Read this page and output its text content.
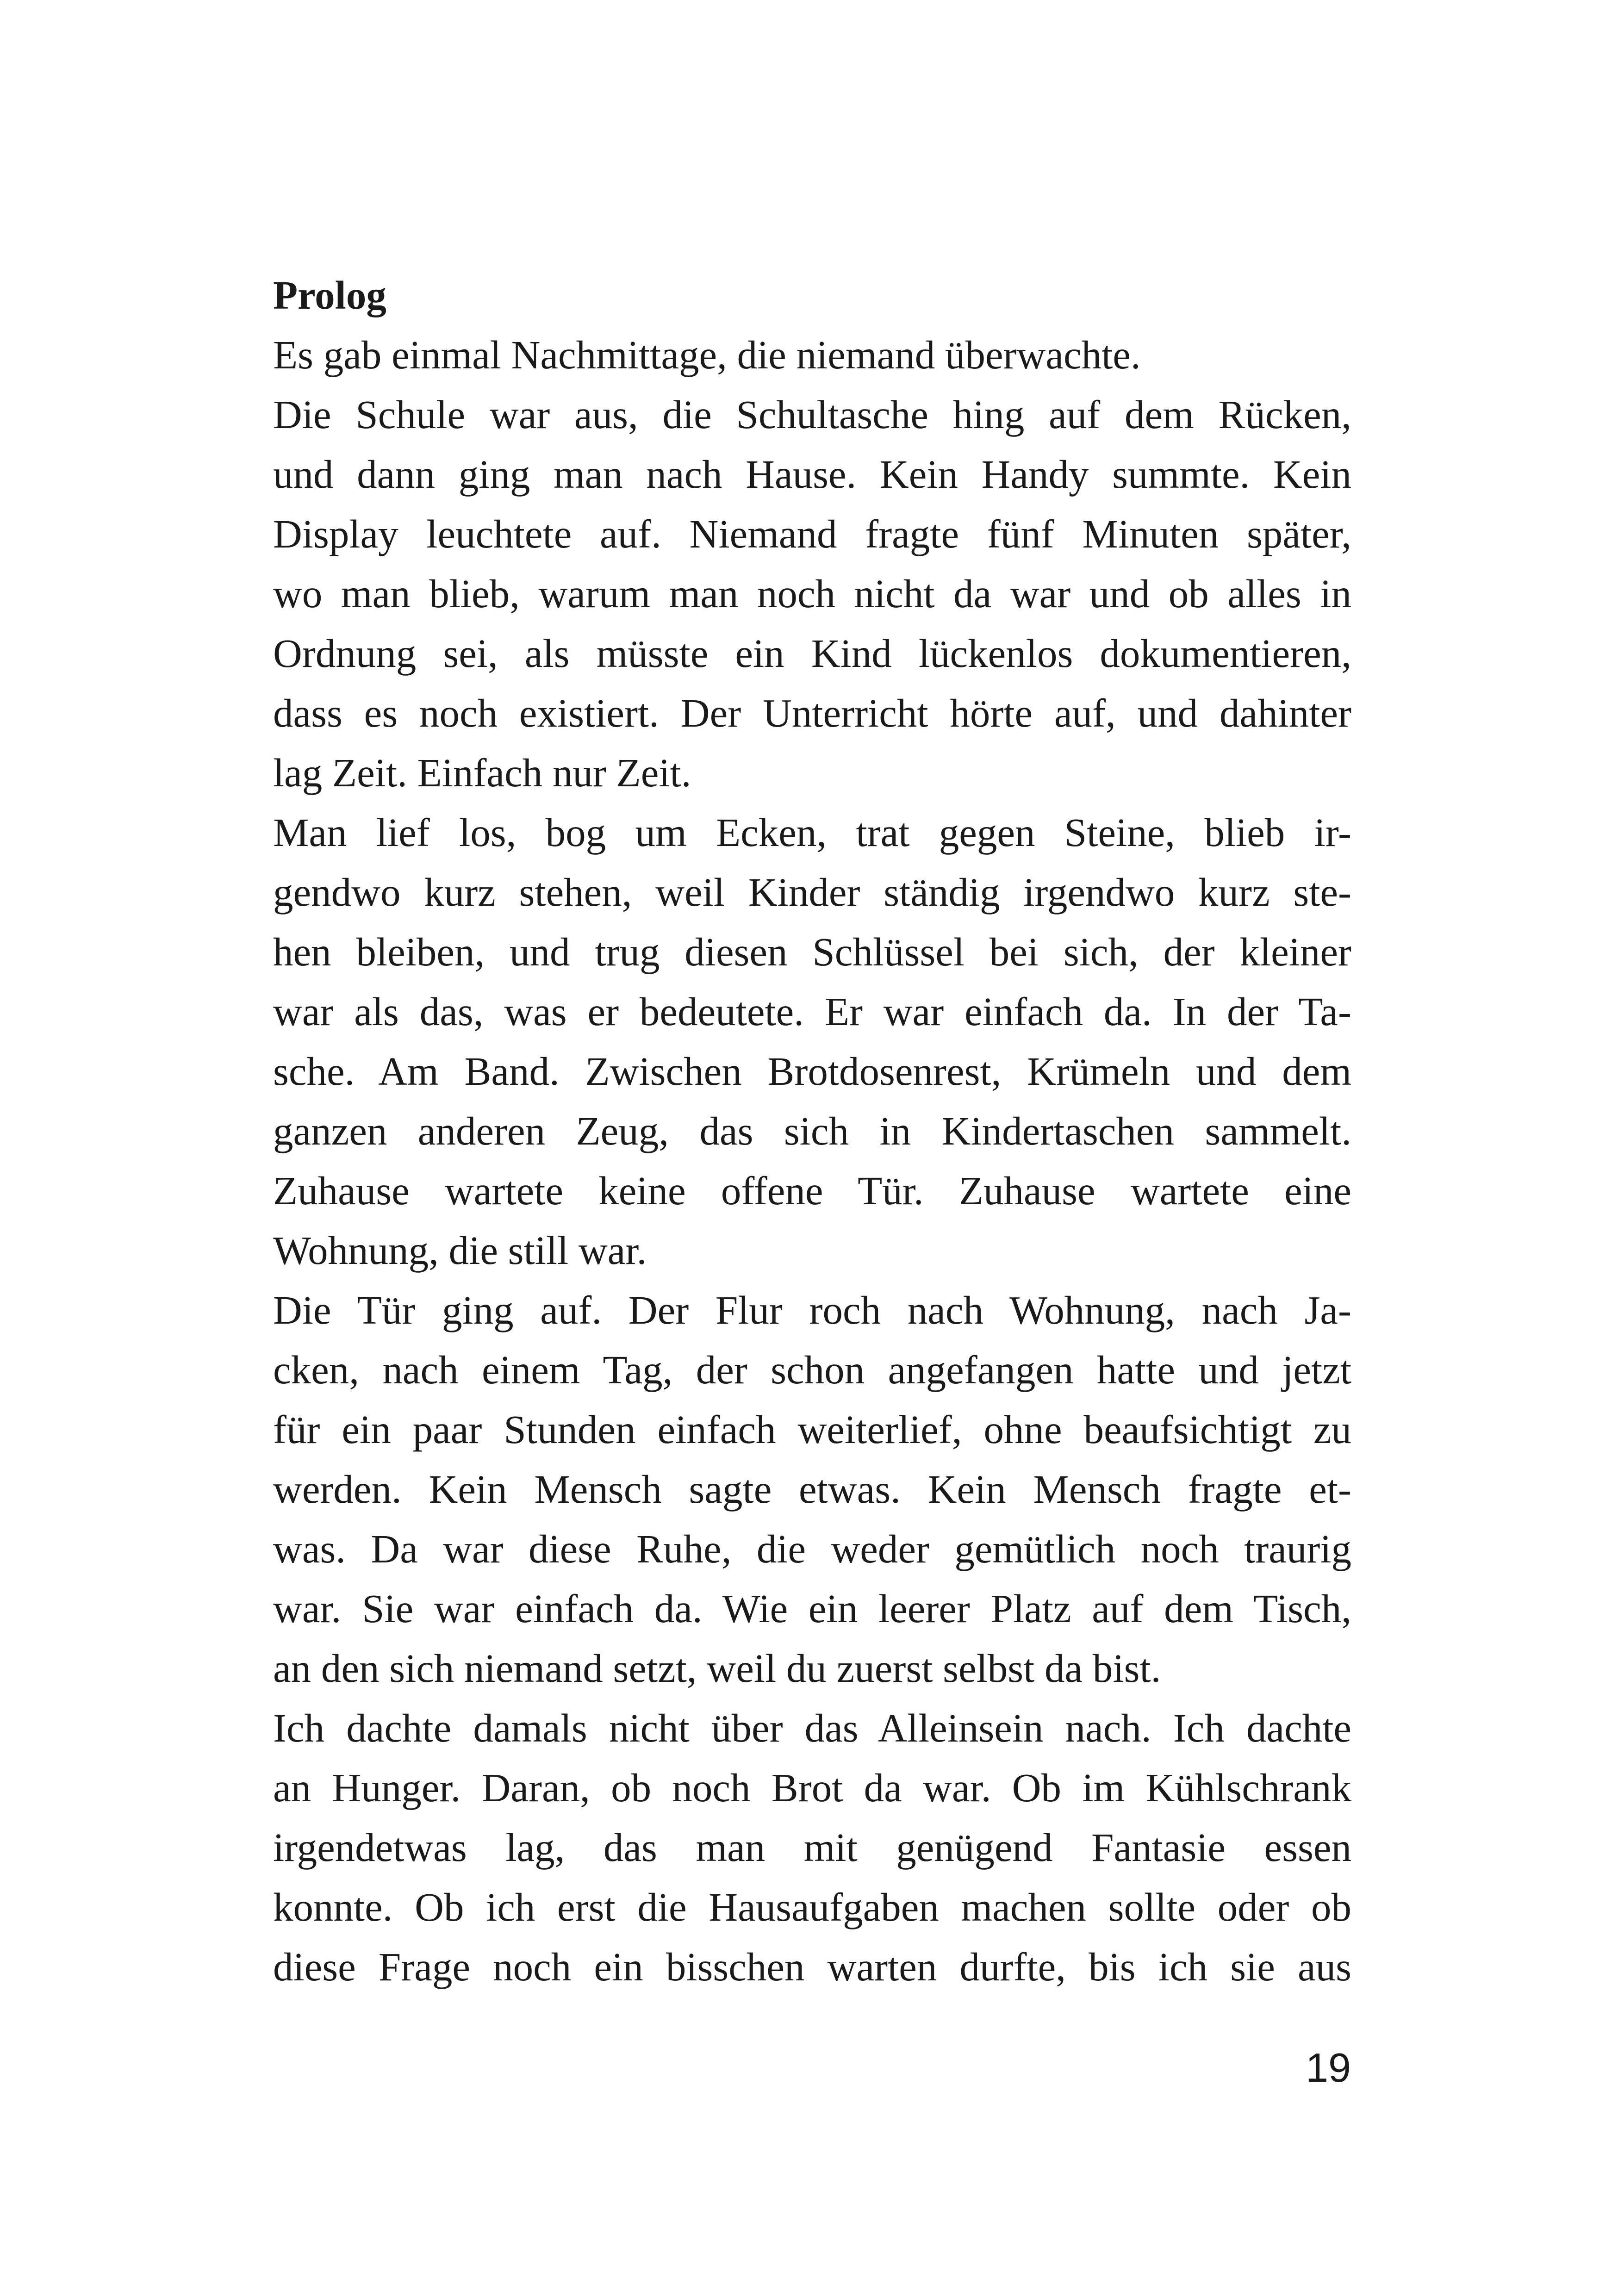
Prolog
Es gab einmal Nachmittage, die niemand überwachte.
Die Schule war aus, die Schultasche hing auf dem Rücken,
und dann ging man nach Hause. Kein Handy summte. Kein
Display leuchtete auf. Niemand fragte fünf Minuten später,
wo man blieb, warum man noch nicht da war und ob alles in
Ordnung sei, als müsste ein Kind lückenlos dokumentieren,
dass es noch existiert. Der Unterricht hörte auf, und dahinter
lag Zeit. Einfach nur Zeit.
Man lief los, bog um Ecken, trat gegen Steine, blieb ir-
gendwo kurz stehen, weil Kinder ständig irgendwo kurz ste-
hen bleiben, und trug diesen Schlüssel bei sich, der kleiner
war als das, was er bedeutete. Er war einfach da. In der Ta-
sche. Am Band. Zwischen Brotdosenrest, Krümeln und dem
ganzen anderen Zeug, das sich in Kindertaschen sammelt.
Zuhause wartete keine offene Tür. Zuhause wartete eine
Wohnung, die still war.
Die Tür ging auf. Der Flur roch nach Wohnung, nach Ja-
cken, nach einem Tag, der schon angefangen hatte und jetzt
für ein paar Stunden einfach weiterlief, ohne beaufsichtigt zu
werden. Kein Mensch sagte etwas. Kein Mensch fragte et-
was. Da war diese Ruhe, die weder gemütlich noch traurig
war. Sie war einfach da. Wie ein leerer Platz auf dem Tisch,
an den sich niemand setzt, weil du zuerst selbst da bist.
Ich dachte damals nicht über das Alleinsein nach. Ich dachte
an Hunger. Daran, ob noch Brot da war. Ob im Kühlschrank
irgendetwas lag, das man mit genügend Fantasie essen
konnte. Ob ich erst die Hausaufgaben machen sollte oder ob
diese Frage noch ein bisschen warten durfte, bis ich sie aus
19
